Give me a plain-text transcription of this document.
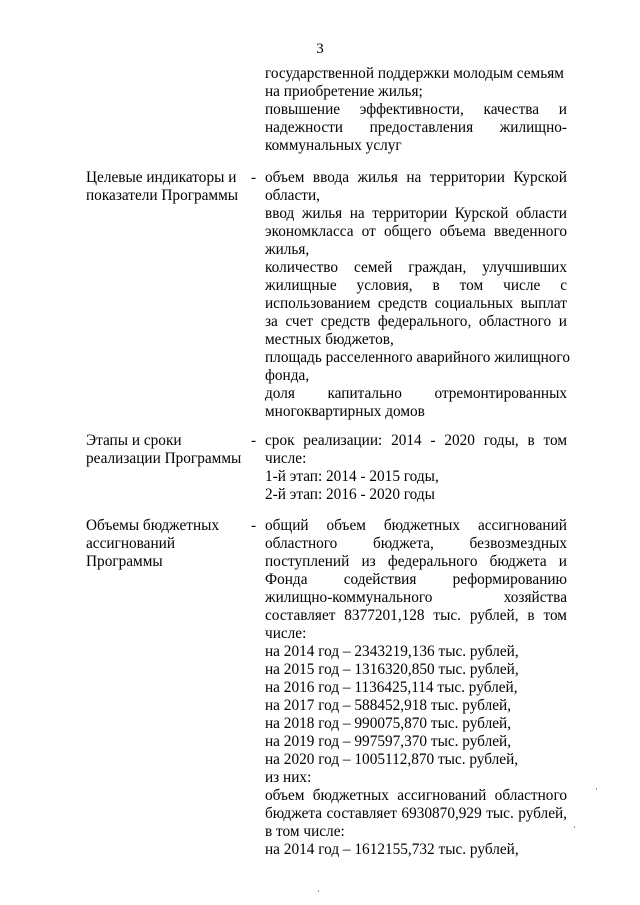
3
государственной поддержки молодым семьям
на приобретение жилья;
повышение эффективности, качества и
надежности предоставления жилищно-
коммунальных услуг
Целевые индикаторы и
показатели Программы
- объем ввода жилья на территории Курской
области,
ввод жилья на территории Курской области
экономкласса от общего объема введенного
жилья,
количество семей граждан, улучшивших
жилищные условия, в том числе с
использованием средств социальных выплат
за счет средств федерального, областного и
местных бюджетов,
площадь расселенного аварийного жилищного
фонда,
доля капитально отремонтированных
многоквартирных домов
Этапы и сроки
реализации Программы
- срок реализации: 2014 - 2020 годы, в том
числе:
1-й этап: 2014 - 2015 годы,
2-й этап: 2016 - 2020 годы
Объемы бюджетных
ассигнований
Программы
- общий объем бюджетных ассигнований
областного бюджета, безвозмездных
поступлений из федерального бюджета и
Фонда содействия реформированию
жилищно-коммунального хозяйства
составляет 8377201,128 тыс. рублей, в том
числе:
на 2014 год – 2343219,136 тыс. рублей,
на 2015 год – 1316320,850 тыс. рублей,
на 2016 год – 1136425,114 тыс. рублей,
на 2017 год – 588452,918 тыс. рублей,
на 2018 год – 990075,870 тыс. рублей,
на 2019 год – 997597,370 тыс. рублей,
на 2020 год – 1005112,870 тыс. рублей,
из них:
объем бюджетных ассигнований областного
бюджета составляет 6930870,929 тыс. рублей,
в том числе:
на 2014 год – 1612155,732 тыс. рублей,
